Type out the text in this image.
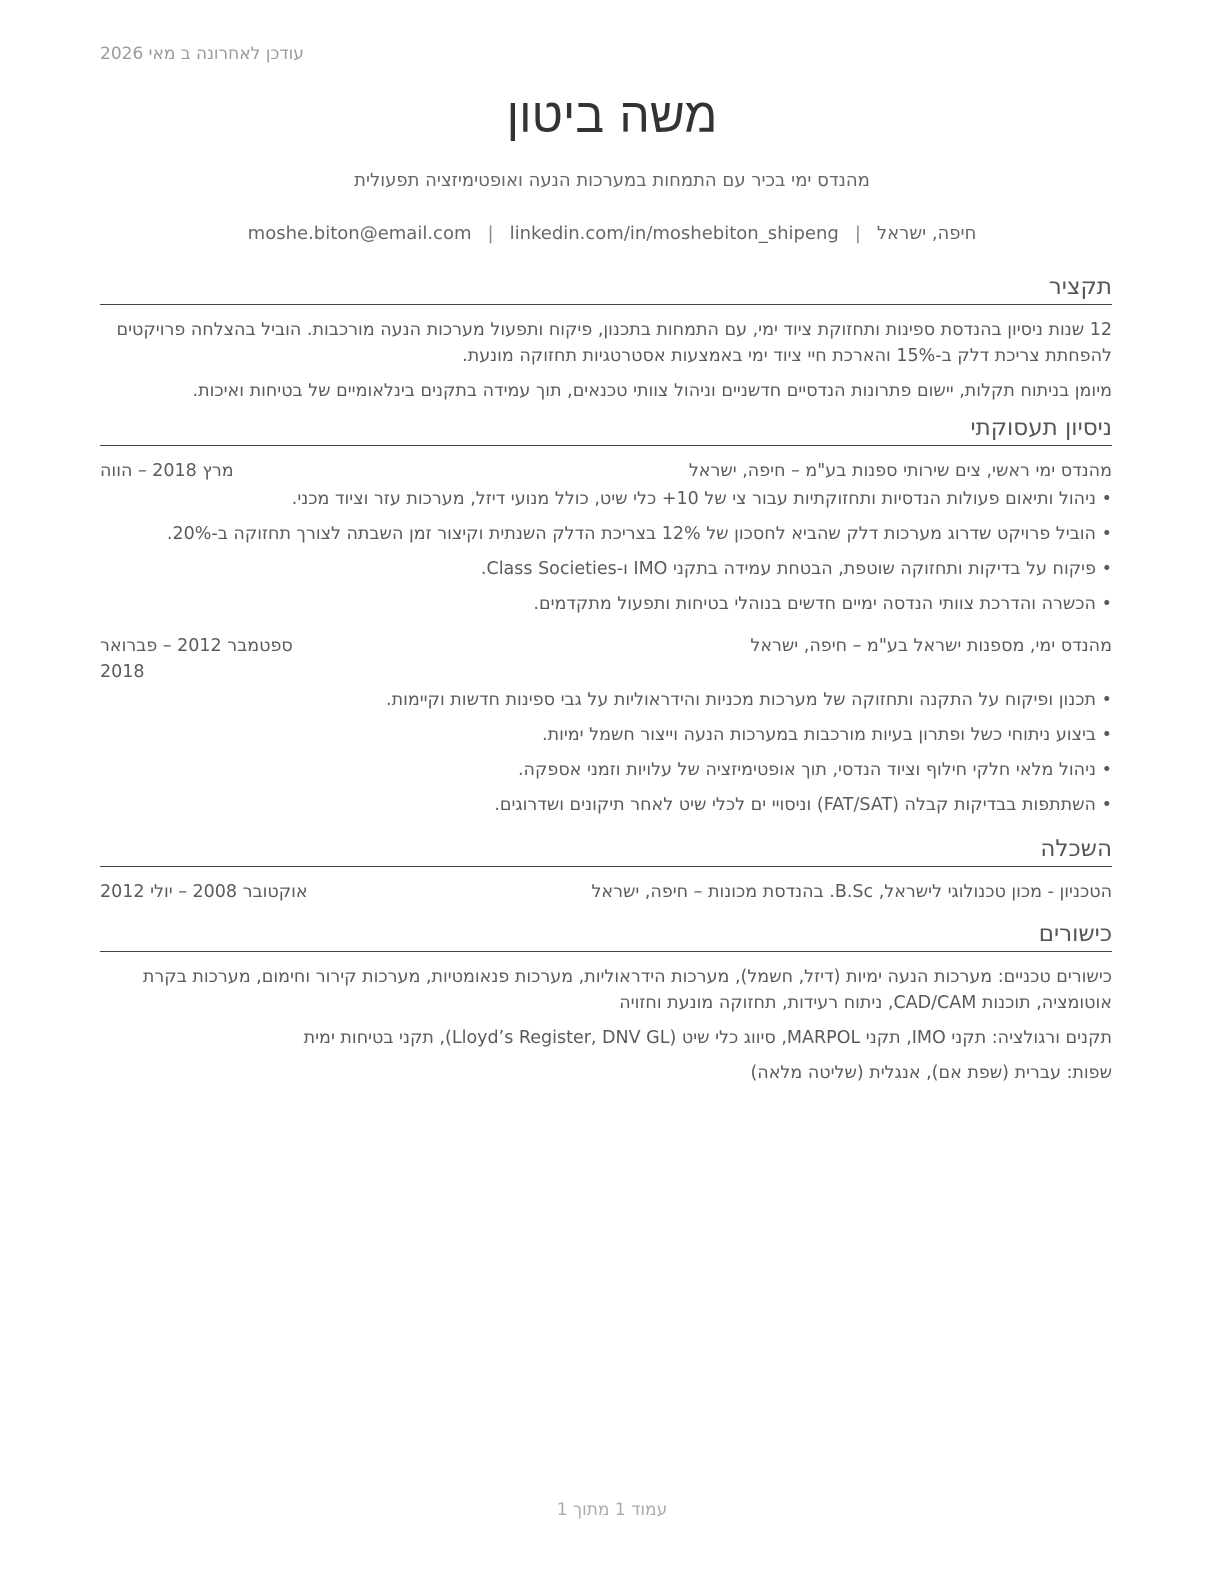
עודכן לאחרונה ב מאי 2026
משה ביטון
מהנדס ימי בכיר עם התמחות במערכות הנעה ואופטימיזציה תפעולית
חיפה, ישראל|moshe.biton@email.com | linkedin.com/in/moshebiton_shipeng
תקציר
12 שנות ניסיון בהנדסת ספינות ותחזוקת ציוד ימי, עם התמחות בתכנון, פיקוח ותפעול מערכות הנעה מורכבות. הוביל בהצלחה פרויקטים להפחתת צריכת דלק ב-15% והארכת חיי ציוד ימי באמצעות אסטרטגיות תחזוקה מונעת.
מיומן בניתוח תקלות, יישום פתרונות הנדסיים חדשניים וניהול צוותי טכנאים, תוך עמידה בתקנים בינלאומיים של בטיחות ואיכות.
ניסיון תעסוקתי
מהנדס ימי ראשי, צים שירותי ספנות בע"מ – חיפה, ישראל
מרץ 2018 – הווה
•
ניהול ותיאום פעולות הנדסיות ותחזוקתיות עבור צי של 10+ כלי שיט, כולל מנועי דיזל, מערכות עזר וציוד מכני.
•
הוביל פרויקט שדרוג מערכות דלק שהביא לחסכון של 12% בצריכת הדלק השנתית וקיצור זמן השבתה לצורך תחזוקה ב-20%.
•
פיקוח על בדיקות ותחזוקה שוטפת, הבטחת עמידה בתקני IMO ו-Class Societies.
•
הכשרה והדרכת צוותי הנדסה ימיים חדשים בנוהלי בטיחות ותפעול מתקדמים.
מהנדס ימי, מספנות ישראל בע"מ – חיפה, ישראל
ספטמבר 2012 – פברואר 2018
•
תכנון ופיקוח על התקנה ותחזוקה של מערכות מכניות והידראוליות על גבי ספינות חדשות וקיימות.
•
ביצוע ניתוחי כשל ופתרון בעיות מורכבות במערכות הנעה וייצור חשמל ימיות.
•
ניהול מלאי חלקי חילוף וציוד הנדסי, תוך אופטימיזציה של עלויות וזמני אספקה.
•
השתתפות בבדיקות קבלה (FAT/SAT) וניסויי ים לכלי שיט לאחר תיקונים ושדרוגים.
השכלה
הטכניון - מכון טכנולוגי לישראל, B.Sc. בהנדסת מכונות – חיפה, ישראל
אוקטובר 2008 – יולי 2012
כישורים
כישורים טכניים: מערכות הנעה ימיות (דיזל, חשמל), מערכות הידראוליות, מערכות פנאומטיות, מערכות קירור וחימום, מערכות בקרת אוטומציה, תוכנות CAD/CAM, ניתוח רעידות, תחזוקה מונעת וחזויה
תקנים ורגולציה: תקני IMO, תקני MARPOL, סיווג כלי שיט (Lloyd’s Register, DNV GL), תקני בטיחות ימית
שפות: עברית (שפת אם), אנגלית (שליטה מלאה)
עמוד 1 מתוך 1
